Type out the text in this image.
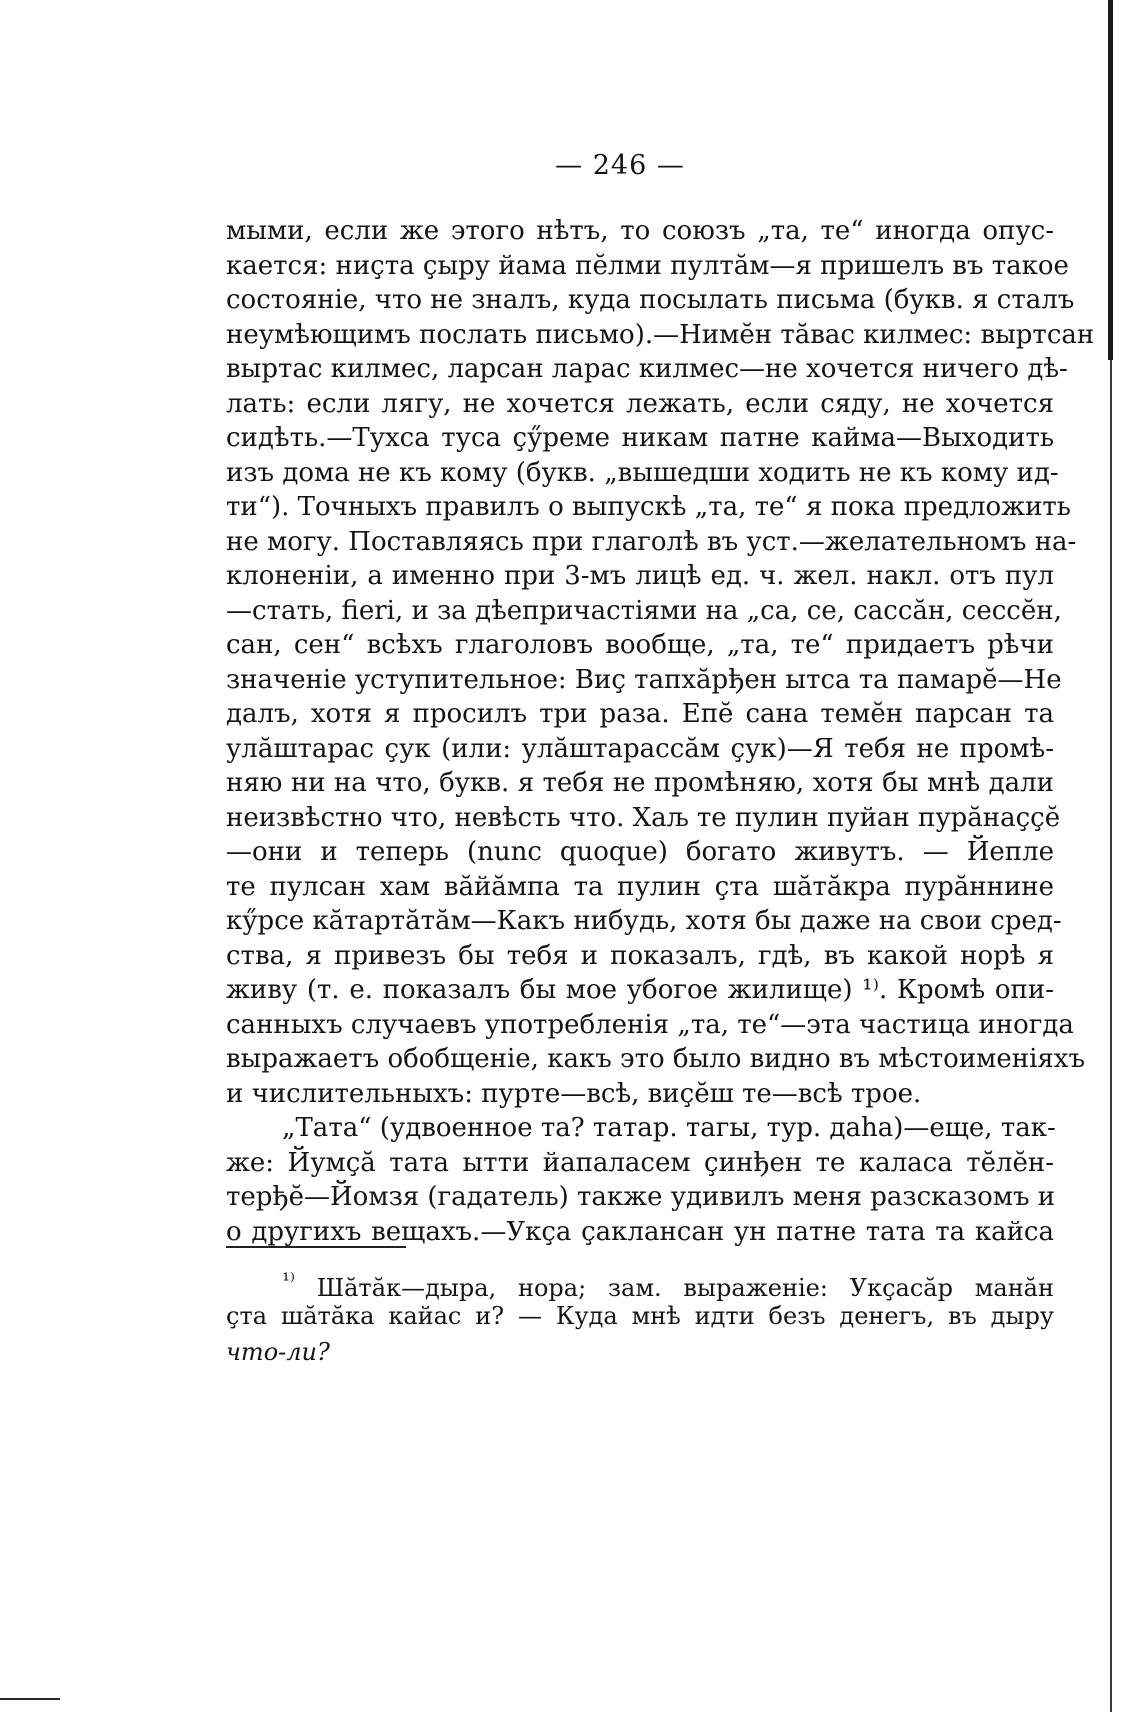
— 246 —
мыми, если же этого нѣтъ, то союзъ „та, те“ иногда опус-
кается: ниçта çыру йама пĕлми пултăм—я пришелъ въ такое
состояніе, что не зналъ, куда посылать письма (букв. я сталъ
неумѣющимъ послать письмо).—Нимĕн тăвас килмес: выртсан
выртас килмес, ларсан ларас килмес—не хочется ничего дѣ-
лать: если лягу, не хочется лежать, если сяду, не хочется
сидѣть.—Тухса туса çӳреме никам патне кайма—Выходить
изъ дома не къ кому (букв. „вышедши ходить не къ кому ид-
ти“). Точныхъ правилъ о выпускѣ „та, те“ я пока предложить
не могу. Поставляясь при глаголѣ въ уст.—желательномъ на-
клоненіи, а именно при 3-мъ лицѣ ед. ч. жел. накл. отъ пул
—стать, fieri, и за дѣепричастіями на „са, се, сассăн, сессĕн,
сан, сен“ всѣхъ глаголовъ вообще, „та, те“ придаетъ рѣчи
значеніе уступительное: Виç тапхăрђен ытса та памарĕ—Не
далъ, хотя я просилъ три раза. Епĕ сана темĕн парсан та
улăштарас çук (или: улăштарассăм çук)—Я тебя не промѣ-
няю ни на что, букв. я тебя не промѣняю, хотя бы мнѣ дали
неизвѣстно что, невѣсть что. Хаљ те пулин пуйан пурăнаççĕ
—они и теперь (nunc quoque) богато живутъ. — Йепле
те пулсан хам вăйăмпа та пулин çта шăтăкра пурăннине
кӳрсе кăтартăтăм—Какъ нибудь, хотя бы даже на свои сред-
ства, я привезъ бы тебя и показалъ, гдѣ, въ какой норѣ я
живу (т. е. показалъ бы мое убогое жилище) ¹⁾. Кромѣ опи-
санныхъ случаевъ употребленія „та, те“—эта частица иногда
выражаетъ обобщеніе, какъ это было видно въ мѣстоименіяхъ
и числительныхъ: пурте—всѣ, виçĕш те—всѣ трое.
„Тата“ (удвоенное та? татар. тагы, тур. даһа)—еще, так-
же: Йумçă тата ытти йапаласем çинђен те каласа тĕлĕн-
терђĕ—Йомзя (гадатель) также удивилъ меня разсказомъ и
о другихъ вещахъ.—Укçа çаклансан ун патне тата та кайса
$^{^{1)}}$ Шăтăк—дыра, нора; зам. выраженіе: Укçасăр манăн
çта шăтăка кайас и? — Куда мнѣ идти безъ денегъ, въ дыру
что-ли?
